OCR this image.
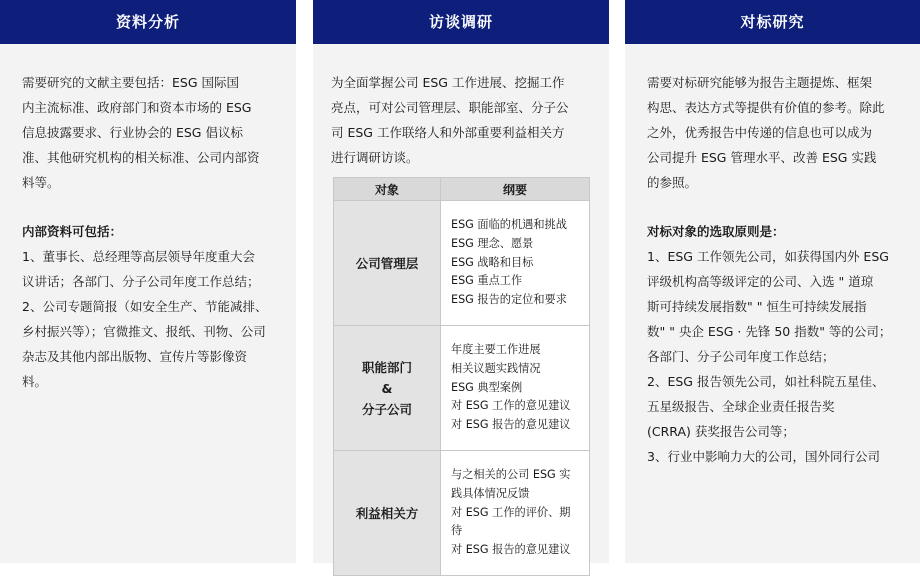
资料分析

需要研究的文献主要包括：ESG 国际国
内主流标准、政府部门和资本市场的 ESG
信息披露要求、行业协会的 ESG 倡议标
准、其他研究机构的相关标准、公司内部资
料等。

内部资料可包括：

1、董事长、总经理等高层领导年度重大会
议讲话；各部门、分子公司年度工作总结；

2、公司专题简报（如安全生产、节能减排、
乡村振兴等）；官微推文、报纸、刊物、公司
杂志及其他内部出版物、宣传片等影像资
料。

访谈调研

为全面掌握公司 ESG 工作进展、挖掘工作
亮点，可对公司管理层、职能部室、分子公
司 ESG 工作联络人和外部重要利益相关方
进行调研访谈。

对象	纲要
公司管理层	ESG 面临的机遇和挑战
ESG 理念、愿景
ESG 战略和目标
ESG 重点工作
ESG 报告的定位和要求

职能部门
&
分子公司	年度主要工作进展
相关议题实践情况
ESG 典型案例
对 ESG 工作的意见建议
对 ESG 报告的意见建议

利益相关方	与之相关的公司 ESG 实践具体情况反馈
对 ESG 工作的评价、期待
对 ESG 报告的意见建议
对标研究

需要对标研究能够为报告主题提炼、框架
构思、表达方式等提供有价值的参考。除此
之外，优秀报告中传递的信息也可以成为
公司提升 ESG 管理水平、改善 ESG 实践
的参照。

对标对象的选取原则是：

1、ESG 工作领先公司，如获得国内外 ESG
评级机构高等级评定的公司、入选 " 道琼
斯可持续发展指数" " 恒生可持续发展指
数" " 央企 ESG · 先锋 50 指数" 等的公司；
各部门、分子公司年度工作总结；

2、ESG 报告领先公司，如社科院五星佳、
五星级报告、全球企业责任报告奖
(CRRA) 获奖报告公司等；

3、行业中影响力大的公司，国外同行公司
